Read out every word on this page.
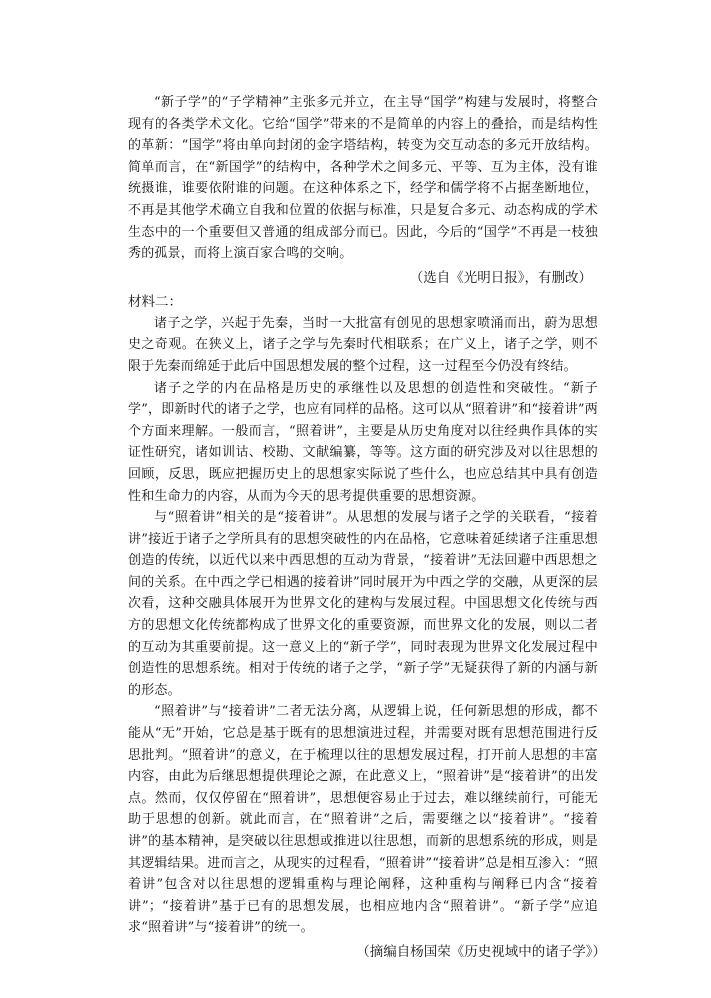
“新子学”的“子学精神”主张多元并立，在主导“国学”构建与发展时，将整合现有的各类学术文化。它给“国学”带来的不是简单的内容上的叠拾，而是结构性的革新：“国学”将由单向封闭的金字塔结构，转变为交互动态的多元开放结构。简单而言，在“新国学”的结构中，各种学术之间多元、平等、互为主体，没有谁统摄谁，谁要依附谁的问题。在这种体系之下，经学和儒学将不占据垄断地位，不再是其他学术确立自我和位置的依据与标准，只是复合多元、动态构成的学术生态中的一个重要但又普通的组成部分而已。因此，今后的“国学”不再是一枝独秀的孤景，而将上演百家合鸣的交响。

（选自《光明日报》，有删改）

材料二：

诸子之学，兴起于先秦，当时一大批富有创见的思想家喷涌而出，蔚为思想史之奇观。在狭义上，诸子之学与先秦时代相联系；在广义上，诸子之学，则不限于先秦而绵延于此后中国思想发展的整个过程，这一过程至今仍没有终结。

诸子之学的内在品格是历史的承继性以及思想的创造性和突破性。“新子学”，即新时代的诸子之学，也应有同样的品格。这可以从“照着讲”和“接着讲”两个方面来理解。一般而言，“照着讲”，主要是从历史角度对以往经典作具体的实证性研究，诸如训诂、校勘、文献编纂，等等。这方面的研究涉及对以往思想的回顾，反思，既应把握历史上的思想家实际说了些什么，也应总结其中具有创造性和生命力的内容，从而为今天的思考提供重要的思想资源。

与“照着讲”相关的是“接着讲”。从思想的发展与诸子之学的关联看，“接着讲”接近于诸子之学所具有的思想突破性的内在品格，它意味着延续诸子注重思想创造的传统，以近代以来中西思想的互动为背景，“接着讲”无法回避中西思想之间的关系。在中西之学已相遇的接着讲”同时展开为中西之学的交融，从更深的层次看，这种交融具体展开为世界文化的建构与发展过程。中国思想文化传统与西方的思想文化传统都构成了世界文化的重要资源，而世界文化的发展，则以二者的互动为其重要前提。这一意义上的“新子学”，同时表现为世界文化发展过程中创造性的思想系统。相对于传统的诸子之学，“新子学”无疑获得了新的内涵与新的形态。

“照着讲”与“接着讲”二者无法分离，从逻辑上说，任何新思想的形成，都不能从“无”开始，它总是基于既有的思想演进过程，并需要对既有思想范围进行反思批判。“照着讲”的意义，在于梳理以往的思想发展过程，打开前人思想的丰富内容，由此为后继思想提供理论之源，在此意义上，“照着讲”是“接着讲”的出发点。然而，仅仅停留在“照着讲”，思想便容易止于过去，难以继续前行，可能无助于思想的创新。就此而言，在“照着讲”之后，需要继之以“接着讲”。“接着讲”的基本精神，是突破以往思想或推进以往思想，而新的思想系统的形成，则是其逻辑结果。进而言之，从现实的过程看，“照着讲”“接着讲”总是相互渗入：“照着讲”包含对以往思想的逻辑重构与理论阐释，这种重构与阐释已内含“接着讲”；“接着讲”基于已有的思想发展，也相应地内含“照着讲”。“新子学”应追求“照着讲”与“接着讲”的统一。

（摘编自杨国荣《历史视域中的诸子学》）
